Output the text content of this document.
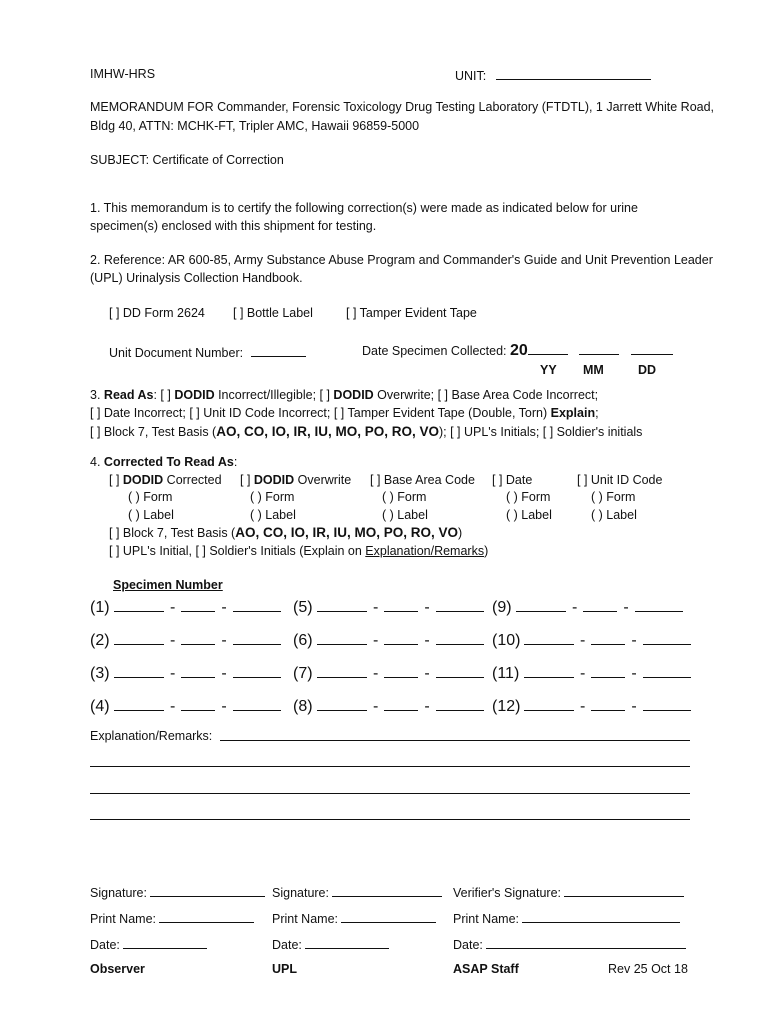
IMHW-HRS	UNIT:
MEMORANDUM FOR Commander, Forensic Toxicology Drug Testing Laboratory (FTDTL), 1 Jarrett White Road,
Bldg 40, ATTN: MCHK-FT, Tripler AMC, Hawaii 96859-5000
SUBJECT: Certificate of Correction
1. This memorandum is to certify the following correction(s) were made as indicated below for urine
specimen(s) enclosed with this shipment for testing.
2. Reference: AR 600-85, Army Substance Abuse Program and Commander's Guide and Unit Prevention Leader
(UPL) Urinalysis Collection Handbook.
[ ] DD Form 2624 [ ] Bottle Label	[ ] Tamper Evident Tape
Unit Document Number:	Date Specimen Collected: 20
YY MM	DD
3. Read As: [ ] DODID Incorrect/Illegible; [ ] DODID Overwrite; [ ] Base Area Code Incorrect;
[ ] Date Incorrect; [ ] Unit ID Code Incorrect; [ ] Tamper Evident Tape (Double, Torn) Explain;
[ ] Block 7, Test Basis (AO, CO, IO, IR, IU, MO, PO, RO, VO); [ ] UPL's Initials; [ ] Soldier's initials
4. Corrected To Read As:
[ ] DODID Corrected [ ] DODID Overwrite [ ] Base Area Code [ ] Date	[ ] Unit ID Code
( ) Form	( ) Form	( ) Form	( ) Form	( ) Form
( ) Label	( ) Label	( ) Label	( ) Label	( ) Label
[ ] Block 7, Test Basis (AO, CO, IO, IR, IU, MO, PO, RO, VO)
[ ] UPL's Initial, [ ] Soldier's Initials (Explain on Explanation/Remarks)
Specimen Number
(1)	-	-
(2)	-	-
(3)	-	-
(4)	-	-
(5)	-	-
(6)	-	-
(7)	-	-
(8)	-	-
(9)	-	-
(10)	-	-
(11)	-	-
(12)	-	-
Explanation/Remarks:
Signature:	Signature:	Verifier's Signature:
Print Name:	Print Name:	Print Name:
Date:	Date:	Date:
Observer	UPL	ASAP Staff	Rev 25 Oct 18
